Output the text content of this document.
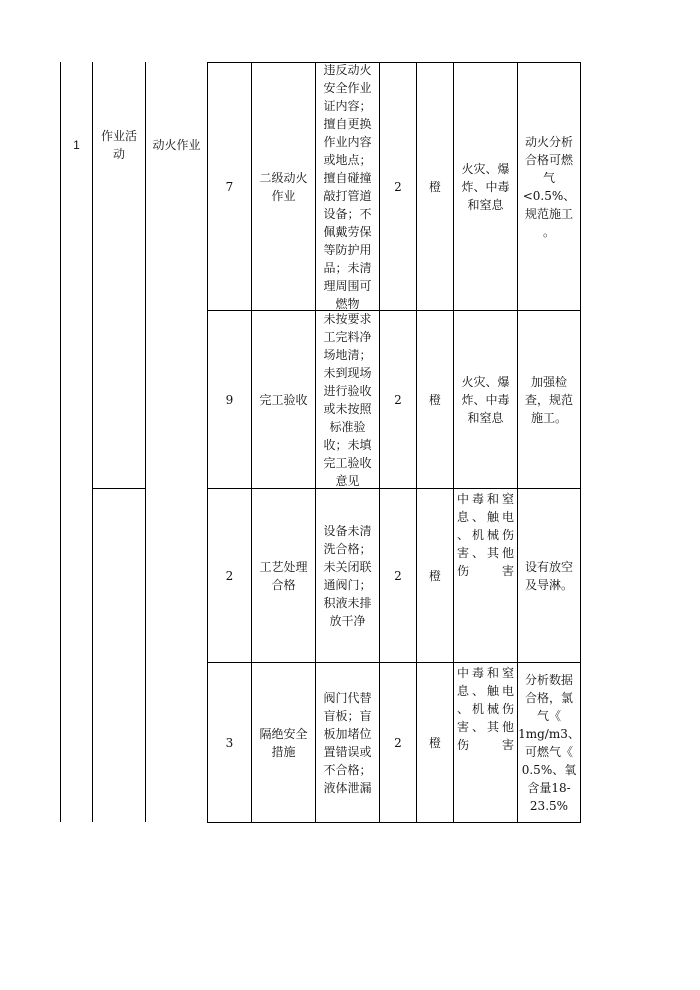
1
作业活动
动火作业
7
二级动火
作业
违反动火
安全作业
证内容；
擅自更换
作业内容
或地点；
擅自碰撞
敲打管道
设备；不
佩戴劳保
等防护用
品；未清
理周围可
燃物
2 橙
火灾、爆
炸、中毒
和窒息
动火分析
合格可燃
气<0.5%、
规范施工
。
9 完工验收
未按要求
工完料净
场地清；
未到现场
进行验收
或未按照
标准验
收；未填
完工验收
意见
2 橙
火灾、爆
炸、中毒
和窒息
加强检
查，规范
施工。
2
工艺处理
合格
设备未清
洗合格；
未关闭联
通阀门；
积液未排
放干净
2 橙
中毒和窒
息、触电
、机械伤
害、其他
伤害 设有放空
及导淋。
3
隔绝安全
措施
阀门代替
盲板；盲
板加堵位
置错误或
不合格；
液体泄漏
2 橙
中毒和窒
息、触电
、机械伤
害、其他
伤害
分析数据
合格，氯
气《
1mg/m3、
可燃气《
0.5%、氧
含量18-
23.5%
